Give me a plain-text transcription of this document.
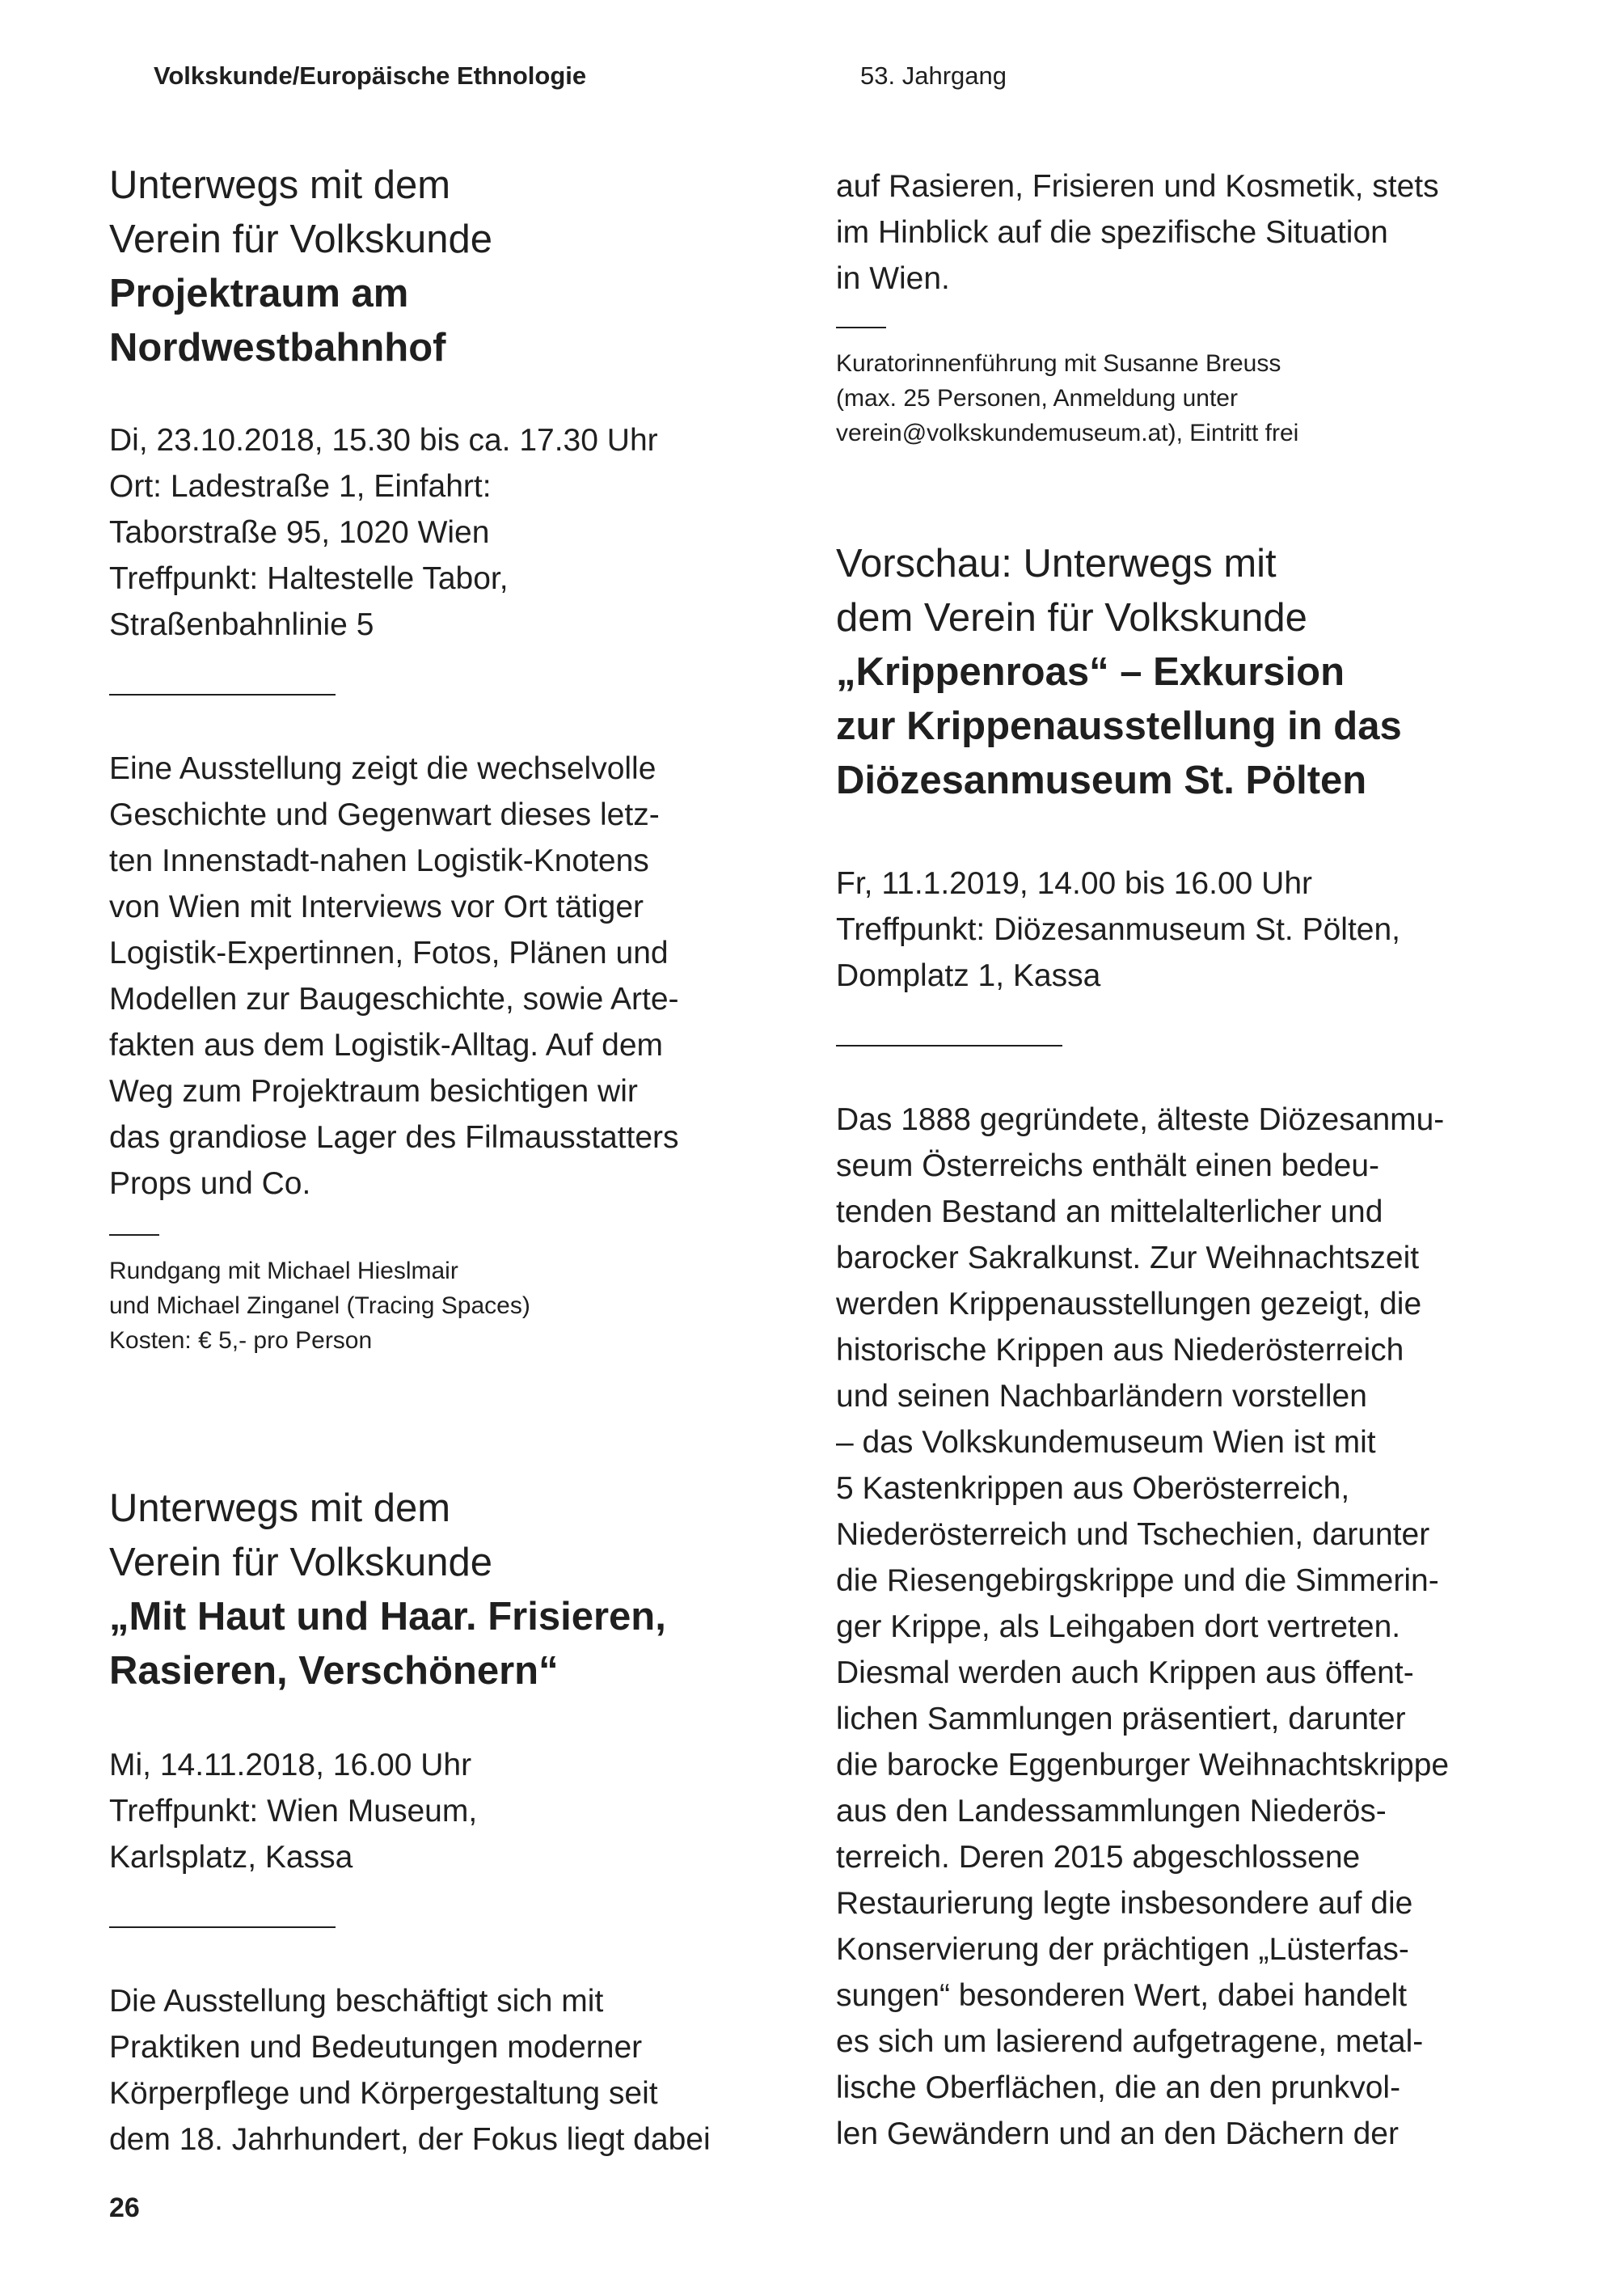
Volkskunde/Europäische Ethnologie	53. Jahrgang

Unterwegs mit dem
Verein für Volkskunde

Projektraum am
Nordwestbahnhof

Di, 23.10.2018, 15.30 bis ca. 17.30 Uhr
Ort: Ladestraße 1, Einfahrt:
Taborstraße 95, 1020 Wien
Treffpunkt: Haltestelle Tabor,
Straßenbahnlinie 5

Eine Ausstellung zeigt die wechselvolle
Geschichte und Gegenwart dieses letz-
ten Innenstadt-nahen Logistik-Knotens
von Wien mit Interviews vor Ort tätiger
Logistik-Expertinnen, Fotos, Plänen und
Modellen zur Baugeschichte, sowie Arte-
fakten aus dem Logistik-Alltag. Auf dem
Weg zum Projektraum besichtigen wir
das grandiose Lager des Filmausstatters
Props und Co.

Rundgang mit Michael Hieslmair
und Michael Zinganel (Tracing Spaces)
Kosten: € 5,- pro Person

Unterwegs mit dem
Verein für Volkskunde

„Mit Haut und Haar. Frisieren,
Rasieren, Verschönern“

Mi, 14.11.2018, 16.00 Uhr
Treffpunkt: Wien Museum,
Karlsplatz, Kassa

Die Ausstellung beschäftigt sich mit
Praktiken und Bedeutungen moderner
Körperpflege und Körpergestaltung seit
dem 18. Jahrhundert, der Fokus liegt dabei

26

auf Rasieren, Frisieren und Kosmetik, stets
im Hinblick auf die spezifische Situation
in Wien.

Kuratorinnenführung mit Susanne Breuss
(max. 25 Personen, Anmeldung unter
verein@volkskundemuseum.at), Eintritt frei

Vorschau: Unterwegs mit
dem Verein für Volkskunde

„Krippenroas“ – Exkursion
zur Krippenausstellung in das
Diözesanmuseum St. Pölten

Fr, 11.1.2019, 14.00 bis 16.00 Uhr
Treffpunkt: Diözesanmuseum St. Pölten,
Domplatz 1, Kassa

Das 1888 gegründete, älteste Diözesanmu-
seum Österreichs enthält einen bedeu-
tenden Bestand an mittelalterlicher und
barocker Sakralkunst. Zur Weihnachtszeit
werden Krippenausstellungen gezeigt, die
historische Krippen aus Niederösterreich
und seinen Nachbarländern vorstellen
– das Volkskundemuseum Wien ist mit
5 Kastenkrippen aus Oberösterreich,
Niederösterreich und Tschechien, darunter
die Riesengebirgskrippe und die Simmerin-
ger Krippe, als Leihgaben dort vertreten.
Diesmal werden auch Krippen aus öffent-
lichen Sammlungen präsentiert, darunter
die barocke Eggenburger Weihnachtskrippe
aus den Landessammlungen Niederös-
terreich. Deren 2015 abgeschlossene
Restaurierung legte insbesondere auf die
Konservierung der prächtigen „Lüsterfas-
sungen“ besonderen Wert, dabei handelt
es sich um lasierend aufgetragene, metal-
lische Oberflächen, die an den prunkvol-
len Gewändern und an den Dächern der
